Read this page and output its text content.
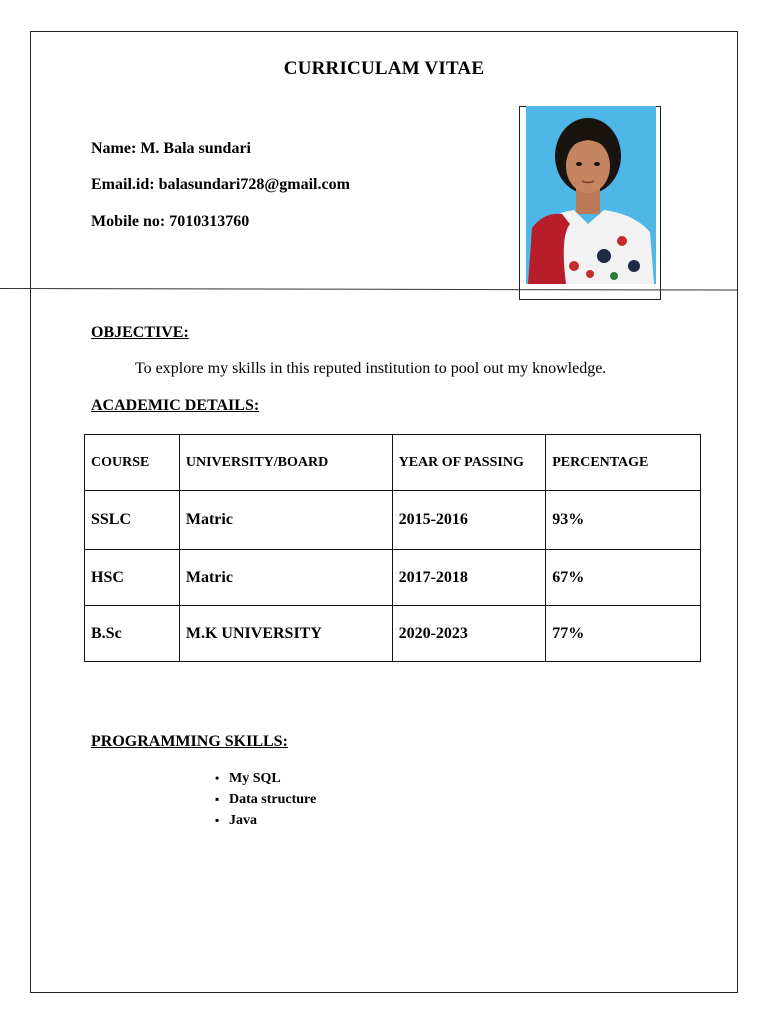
CURRICULAM VITAE
Name: M. Bala sundari
Email.id: balasundari728@gmail.com
Mobile no: 7010313760
OBJECTIVE:
To explore my skills in this reputed institution to pool out my knowledge.
ACADEMIC DETAILS:
COURSE	UNIVERSITY/BOARD	YEAR OF PASSING	PERCENTAGE
SSLC	Matric	2015-2016	93%
HSC	Matric	2017-2018	67%
B.Sc	M.K UNIVERSITY	2020-2023	77%
PROGRAMMING SKILLS:
• My SQL
▪ Data structure
▪ Java
